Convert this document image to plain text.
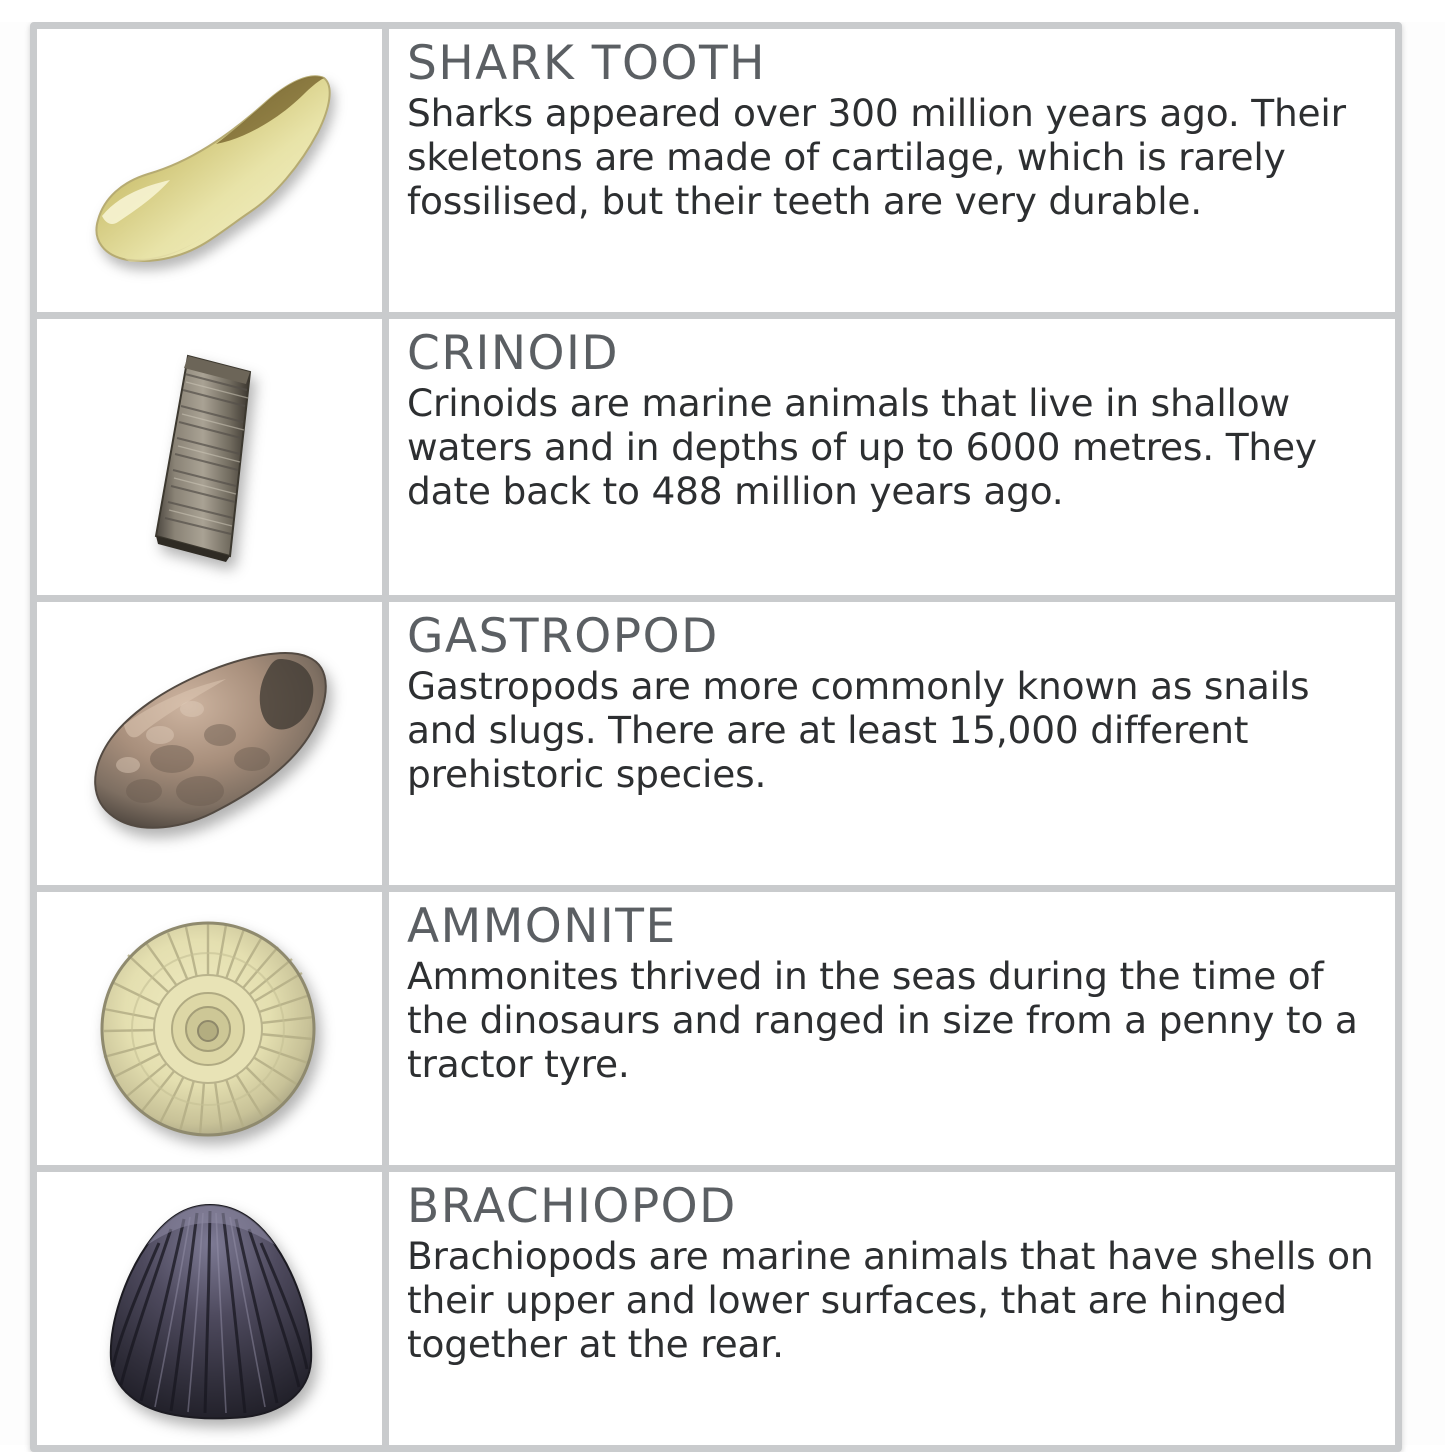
SHARK TOOTH

Sharks appeared over 300 million years ago. Their skeletons are made of cartilage, which is rarely fossilised, but their teeth are very durable.

CRINOID

Crinoids are marine animals that live in shallow waters and in depths of up to 6000 metres. They date back to 488 million years ago.

GASTROPOD

Gastropods are more commonly known as snails and slugs. There are at least 15,000 different prehistoric species.

AMMONITE

Ammonites thrived in the seas during the time of the dinosaurs and ranged in size from a penny to a tractor tyre.

BRACHIOPOD

Brachiopods are marine animals that have shells on their upper and lower surfaces, that are hinged together at the rear.
